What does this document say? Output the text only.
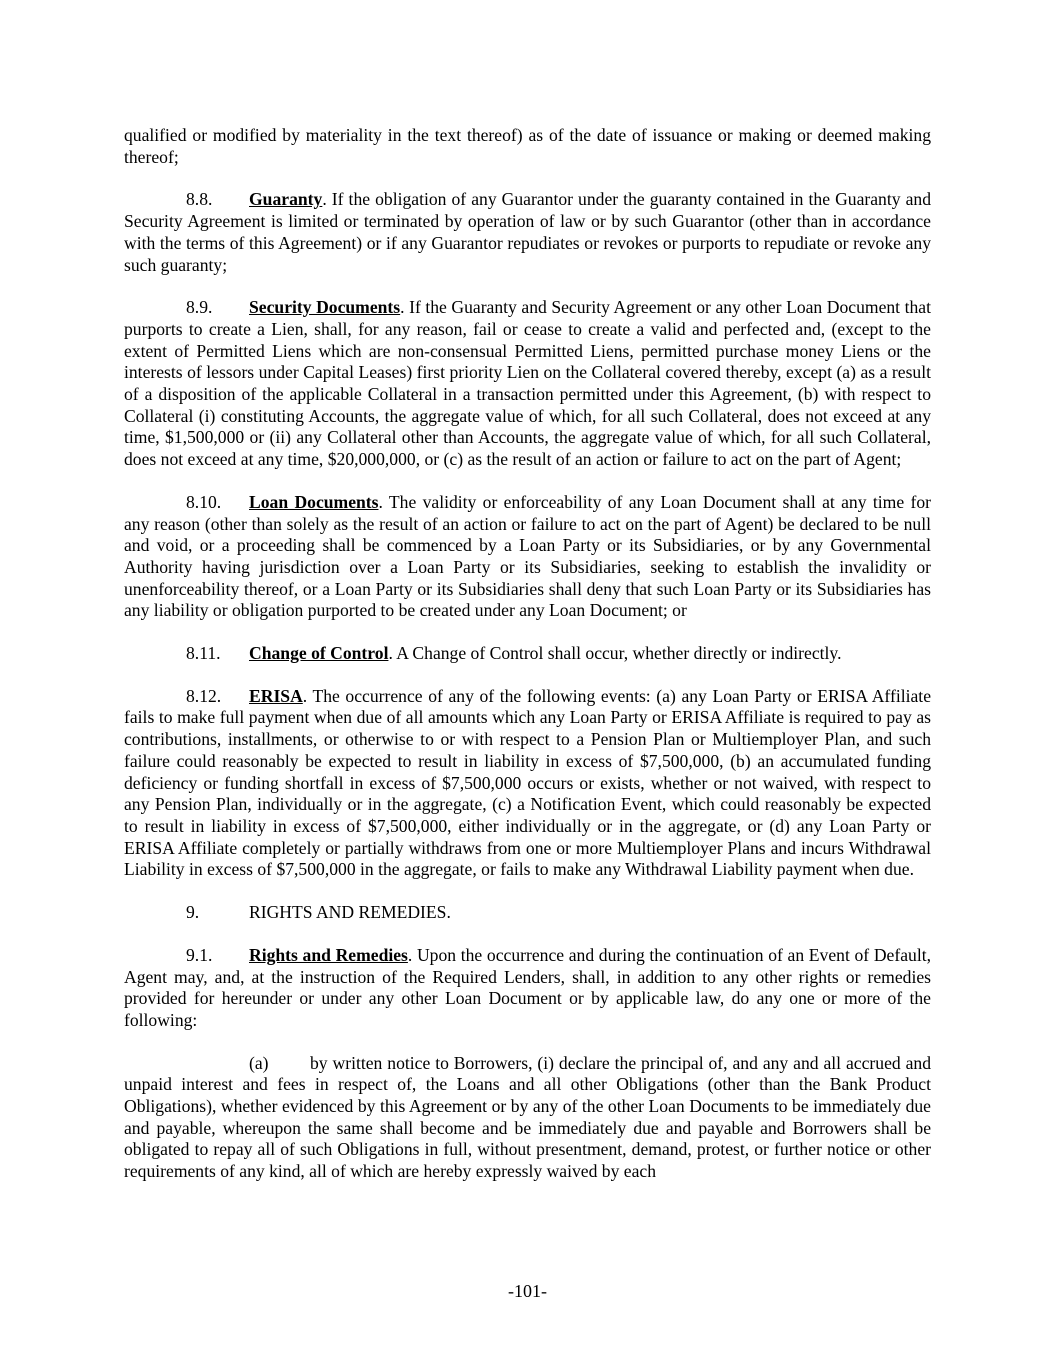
qualified or modified by materiality in the text thereof) as of the date of issuance or making or deemed making thereof;

8.8. Guaranty. If the obligation of any Guarantor under the guaranty contained in the Guaranty and Security Agreement is limited or terminated by operation of law or by such Guarantor (other than in accordance with the terms of this Agreement) or if any Guarantor repudiates or revokes or purports to repudiate or revoke any such guaranty;

8.9. Security Documents. If the Guaranty and Security Agreement or any other Loan Document that purports to create a Lien, shall, for any reason, fail or cease to create a valid and perfected and, (except to the extent of Permitted Liens which are non-consensual Permitted Liens, permitted purchase money Liens or the interests of lessors under Capital Leases) first priority Lien on the Collateral covered thereby, except (a) as a result of a disposition of the applicable Collateral in a transaction permitted under this Agreement, (b) with respect to Collateral (i) constituting Accounts, the aggregate value of which, for all such Collateral, does not exceed at any time, $1,500,000 or (ii) any Collateral other than Accounts, the aggregate value of which, for all such Collateral, does not exceed at any time, $20,000,000, or (c) as the result of an action or failure to act on the part of Agent;

8.10. Loan Documents. The validity or enforceability of any Loan Document shall at any time for any reason (other than solely as the result of an action or failure to act on the part of Agent) be declared to be null and void, or a proceeding shall be commenced by a Loan Party or its Subsidiaries, or by any Governmental Authority having jurisdiction over a Loan Party or its Subsidiaries, seeking to establish the invalidity or unenforceability thereof, or a Loan Party or its Subsidiaries shall deny that such Loan Party or its Subsidiaries has any liability or obligation purported to be created under any Loan Document; or

8.11. Change of Control. A Change of Control shall occur, whether directly or indirectly.

8.12. ERISA. The occurrence of any of the following events: (a) any Loan Party or ERISA Affiliate fails to make full payment when due of all amounts which any Loan Party or ERISA Affiliate is required to pay as contributions, installments, or otherwise to or with respect to a Pension Plan or Multiemployer Plan, and such failure could reasonably be expected to result in liability in excess of $7,500,000, (b) an accumulated funding deficiency or funding shortfall in excess of $7,500,000 occurs or exists, whether or not waived, with respect to any Pension Plan, individually or in the aggregate, (c) a Notification Event, which could reasonably be expected to result in liability in excess of $7,500,000, either individually or in the aggregate, or (d) any Loan Party or ERISA Affiliate completely or partially withdraws from one or more Multiemployer Plans and incurs Withdrawal Liability in excess of $7,500,000 in the aggregate, or fails to make any Withdrawal Liability payment when due.

9.	RIGHTS AND REMEDIES.

9.1. Rights and Remedies. Upon the occurrence and during the continuation of an Event of Default, Agent may, and, at the instruction of the Required Lenders, shall, in addition to any other rights or remedies provided for hereunder or under any other Loan Document or by applicable law, do any one or more of the following:

(a) by written notice to Borrowers, (i) declare the principal of, and any and all accrued and unpaid interest and fees in respect of, the Loans and all other Obligations (other than the Bank Product Obligations), whether evidenced by this Agreement or by any of the other Loan Documents to be immediately due and payable, whereupon the same shall become and be immediately due and payable and Borrowers shall be obligated to repay all of such Obligations in full, without presentment, demand, protest, or further notice or other requirements of any kind, all of which are hereby expressly waived by each

-101-
